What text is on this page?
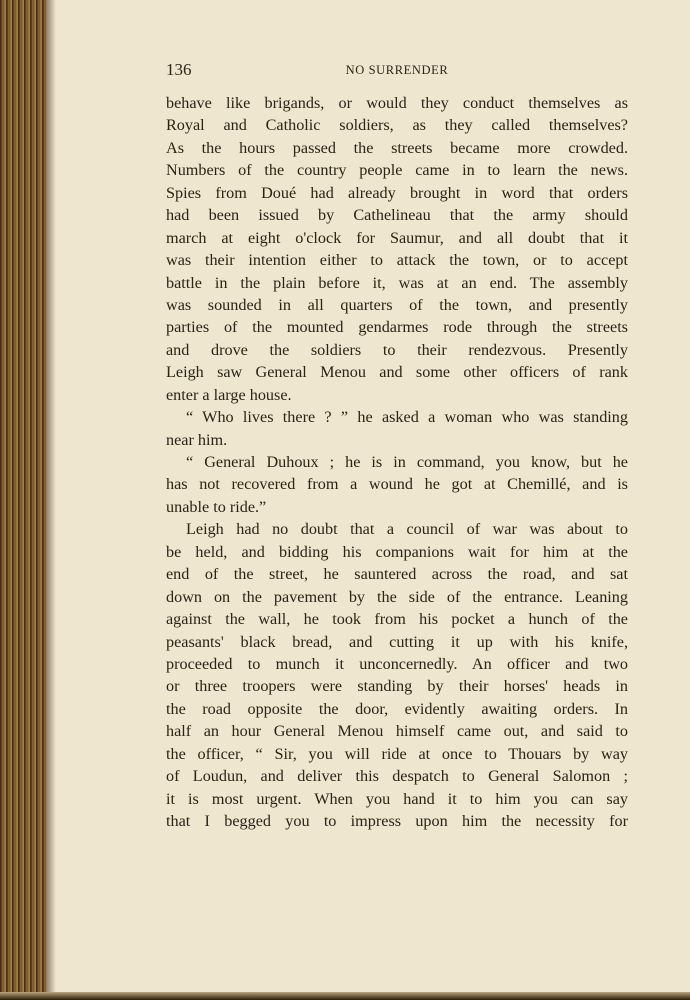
136	NO SURRENDER
behave like brigands, or would they conduct themselves as
Royal and Catholic soldiers, as they called themselves?
As the hours passed the streets became more crowded.
Numbers of the country people came in to learn the news.
Spies from Doué had already brought in word that orders
had been issued by Cathelineau that the army should
march at eight o'clock for Saumur, and all doubt that it
was their intention either to attack the town, or to accept
battle in the plain before it, was at an end. The assembly
was sounded in all quarters of the town, and presently
parties of the mounted gendarmes rode through the streets
and drove the soldiers to their rendezvous. Presently
Leigh saw General Menou and some other officers of rank
enter a large house.
“ Who lives there ? ” he asked a woman who was standing
near him.
“ General Duhoux ; he is in command, you know, but he
has not recovered from a wound he got at Chemillé, and is
unable to ride.”
Leigh had no doubt that a council of war was about to
be held, and bidding his companions wait for him at the
end of the street, he sauntered across the road, and sat
down on the pavement by the side of the entrance. Leaning
against the wall, he took from his pocket a hunch of the
peasants' black bread, and cutting it up with his knife,
proceeded to munch it unconcernedly. An officer and two
or three troopers were standing by their horses' heads in
the road opposite the door, evidently awaiting orders. In
half an hour General Menou himself came out, and said to
the officer, “ Sir, you will ride at once to Thouars by way
of Loudun, and deliver this despatch to General Salomon ;
it is most urgent. When you hand it to him you can say
that I begged you to impress upon him the necessity for
